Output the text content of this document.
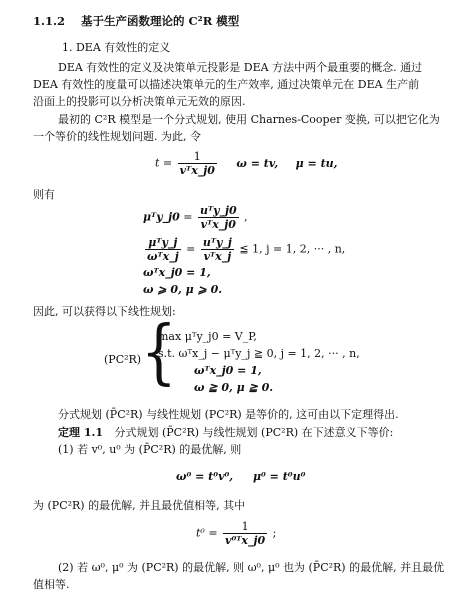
1.1.2 基于生产函数理论的 C²R 模型
1. DEA 有效性的定义
DEA 有效性的定义及决策单元投影是 DEA 方法中两个最重要的概念. 通过
DEA 有效性的度量可以描述决策单元的生产效率, 通过决策单元在 DEA 生产前
沿面上的投影可以分析决策单元无效的原因.
最初的 C²R 模型是一个分式规划, 使用 Charnes-Cooper 变换, 可以把它化为
一个等价的线性规划问题. 为此, 令
$t = \frac{1}{\text{vᵀx\_j0}}$ ω = tv, μ = tu,
则有
μᵀy_j0 = $\frac{\text{uᵀy\_j0}}{\text{vᵀx\_j0}}$ ,
$\frac{\text{μᵀy\_j}}{\text{ωᵀx\_j}} = \frac{\text{uᵀy\_j}}{\text{vᵀx\_j}}$ ≦ 1, j = 1, 2, ··· , n,
ωᵀx_j0 = 1,
ω ⩾ 0, μ ⩾ 0.
因此, 可以获得以下线性规划:
(PC²R) {
max μᵀy_j0 = V_P,
s.t. ωᵀx_j − μᵀy_j ≧ 0, j = 1, 2, ··· , n,
ωᵀx_j0 = 1,
ω ≧ 0, μ ≧ 0.
分式规划 (P̄C²R) 与线性规划 (PC²R) 是等价的, 这可由以下定理得出.
定理 1.1 分式规划 (P̄C²R) 与线性规划 (PC²R) 在下述意义下等价:
(1) 若 v⁰, u⁰ 为 (P̄C²R) 的最优解, 则
ω⁰ = t⁰v⁰, μ⁰ = t⁰u⁰
为 (PC²R) 的最优解, 并且最优值相等, 其中
$t^0 = \frac{1}{\text{v⁰ᵀx\_j0}}$ ;
(2) 若 ω⁰, μ⁰ 为 (PC²R) 的最优解, 则 ω⁰, μ⁰ 也为 (P̄C²R) 的最优解, 并且最优
值相等.
